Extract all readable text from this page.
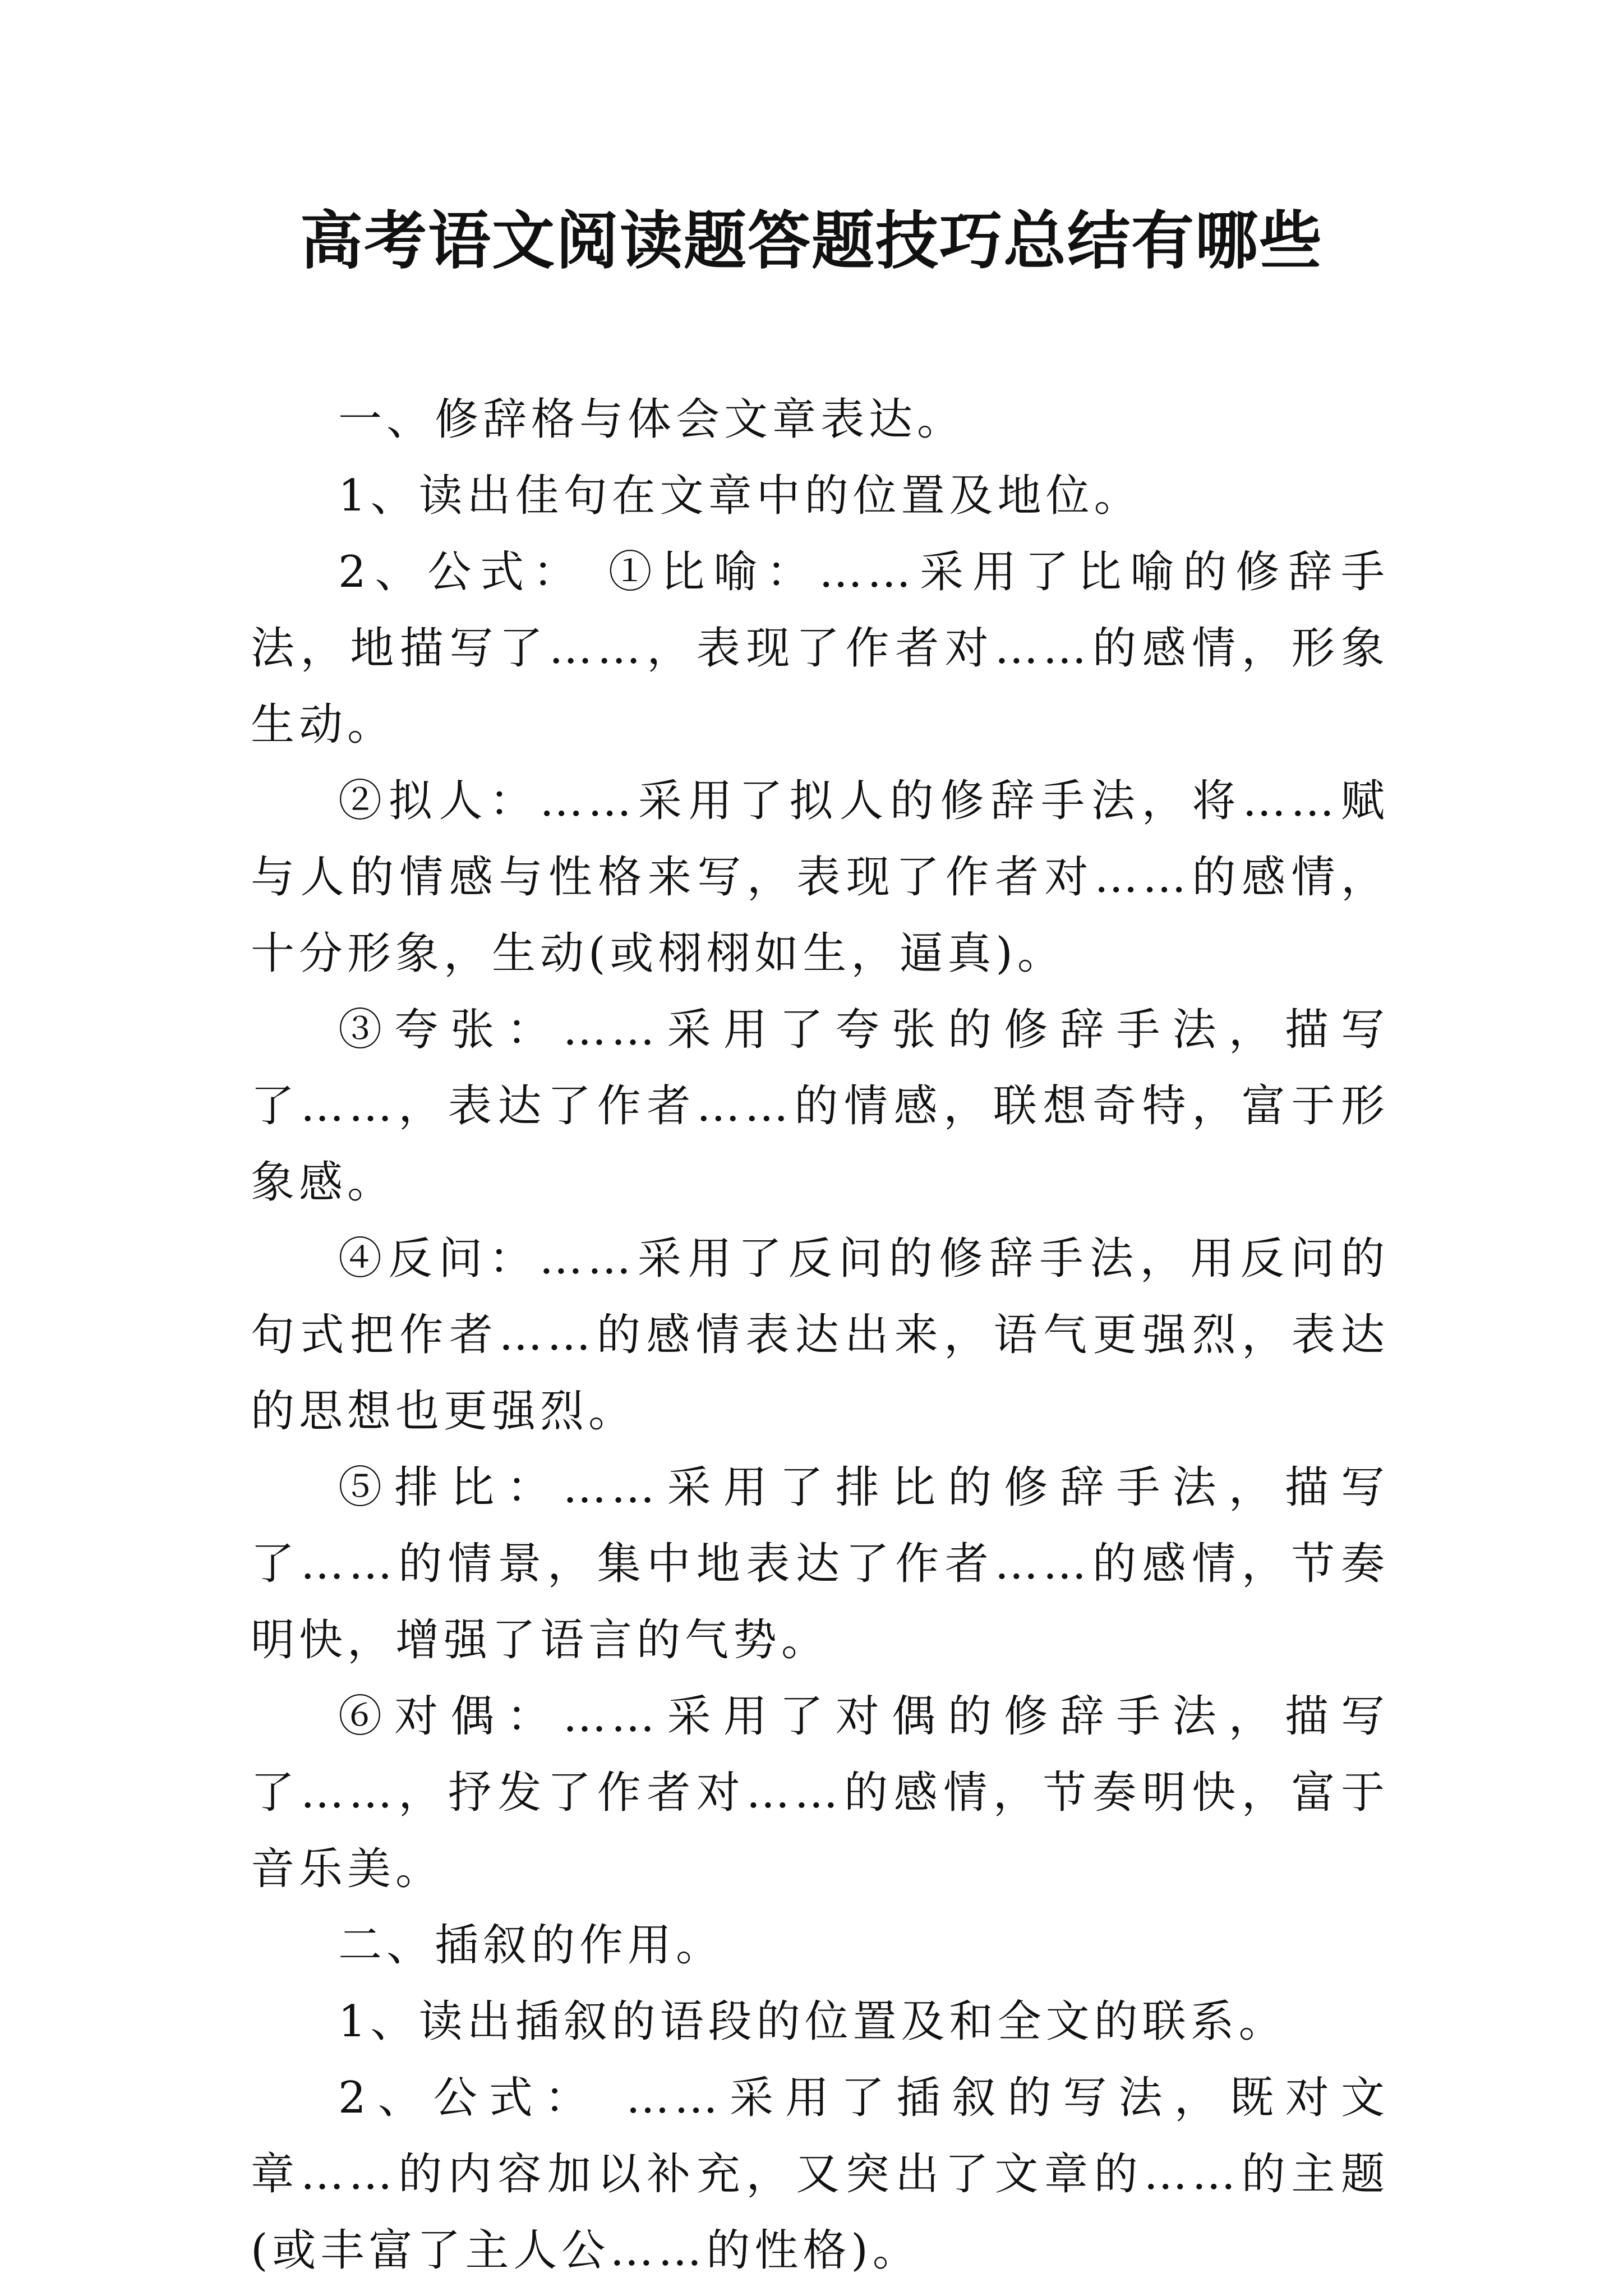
高考语文阅读题答题技巧总结有哪些

一、修辞格与体会文章表达。

1、读出佳句在文章中的位置及地位。

2、公式： ①比喻：……采用了比喻的修辞手法，地描写了……，表现了作者对……的感情，形象生动。

②拟人：……采用了拟人的修辞手法，将……赋与人的情感与性格来写，表现了作者对……的感情，十分形象，生动(或栩栩如生，逼真)。

③夸张：……采用了夸张的修辞手法，描写了……，表达了作者……的情感，联想奇特，富于形象感。

④反问：……采用了反问的修辞手法，用反问的句式把作者……的感情表达出来，语气更强烈，表达的思想也更强烈。

⑤排比：……采用了排比的修辞手法，描写了……的情景，集中地表达了作者……的感情，节奏明快，增强了语言的气势。

⑥对偶：……采用了对偶的修辞手法，描写了……，抒发了作者对……的感情，节奏明快，富于音乐美。

二、插叙的作用。

1、读出插叙的语段的位置及和全文的联系。

2、公式： ……采用了插叙的写法，既对文章……的内容加以补充，又突出了文章的……的主题(或丰富了主人公……的性格)。
